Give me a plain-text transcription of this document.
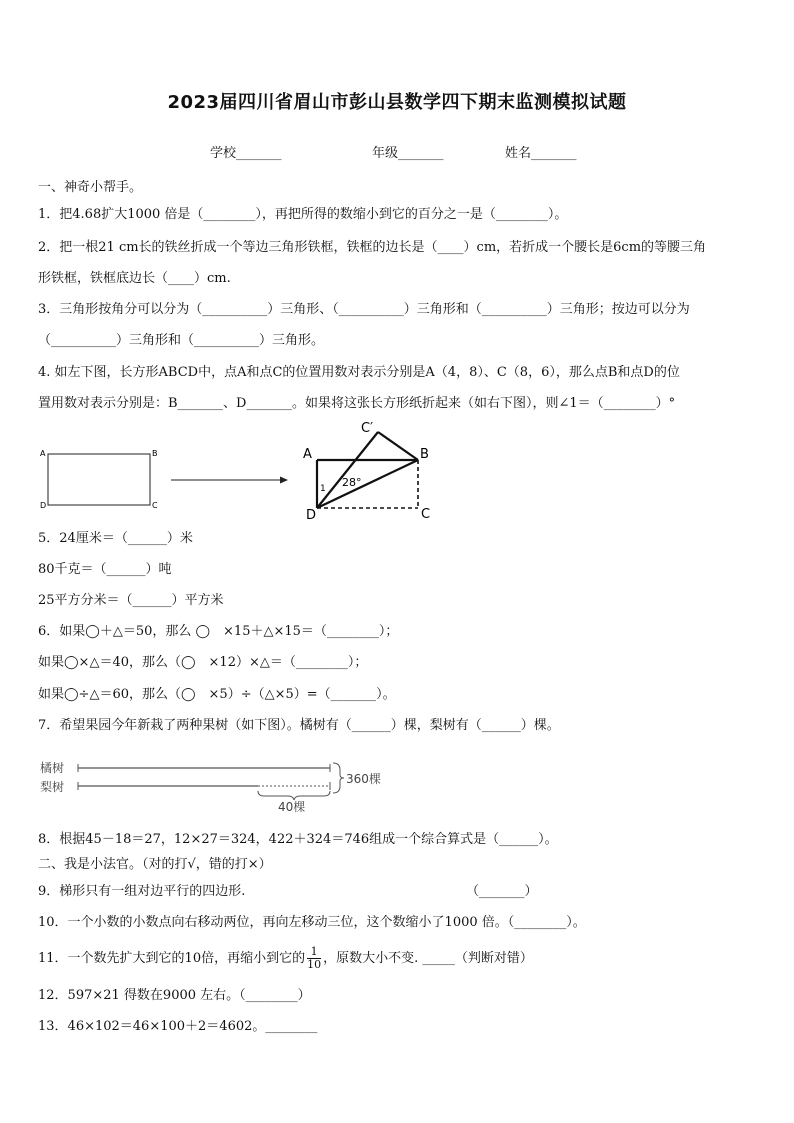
2023届四川省眉山市彭山县数学四下期末监测模拟试题
学校_______	年级_______	姓名_______
一、神奇小帮手。
1．把4.68扩大1000 倍是（________），再把所得的数缩小到它的百分之一是（________）。
2．把一根21 cm长的铁丝折成一个等边三角形铁框，铁框的边长是（____）cm，若折成一个腰长是6cm的等腰三角
形铁框，铁框底边长（____）cm.
3．三角形按角分可以分为（__________）三角形、（__________）三角形和（__________）三角形；按边可以分为
（__________）三角形和（__________）三角形。
4. 如左下图，长方形ABCD中，点A和点C的位置用数对表示分别是A（4，8）、C（8，6），那么点B和点D的位
置用数对表示分别是：B_______、D_______。如果将这张长方形纸折起来（如右下图），则∠1＝（________）°
A	B
C
D
A	B
C
D
C′
28°
1
5．24厘米＝（______）米
80千克＝（______）吨
25平方分米＝（______）平方米
6．如果◯＋△＝50，那么 ◯　×15＋△×15＝（________）；
如果◯×△＝40，那么（◯　×12）×△＝（________）；
如果◯÷△＝60，那么（◯　×5）÷（△×5）=（_______）。
7．希望果园今年新栽了两种果树（如下图）。橘树有（______）棵，梨树有（______）棵。
橘树
梨树
360棵
40棵
8．根据45－18＝27，12×27＝324，422＋324＝746组成一个综合算式是（______）。
二、我是小法官。（对的打√，错的打×）
9．梯形只有一组对边平行的四边形.	（_______）
10．一个小数的小数点向右移动两位，再向左移动三位，这个数缩小了1000 倍。（________）。
11．一个数先扩大到它的10倍，再缩小到它的 $\frac{1}{10}$ ，原数大小不变. _____（判断对错）
12．597×21 得数在9000 左右。（________）
13．46×102＝46×100＋2＝4602。________
